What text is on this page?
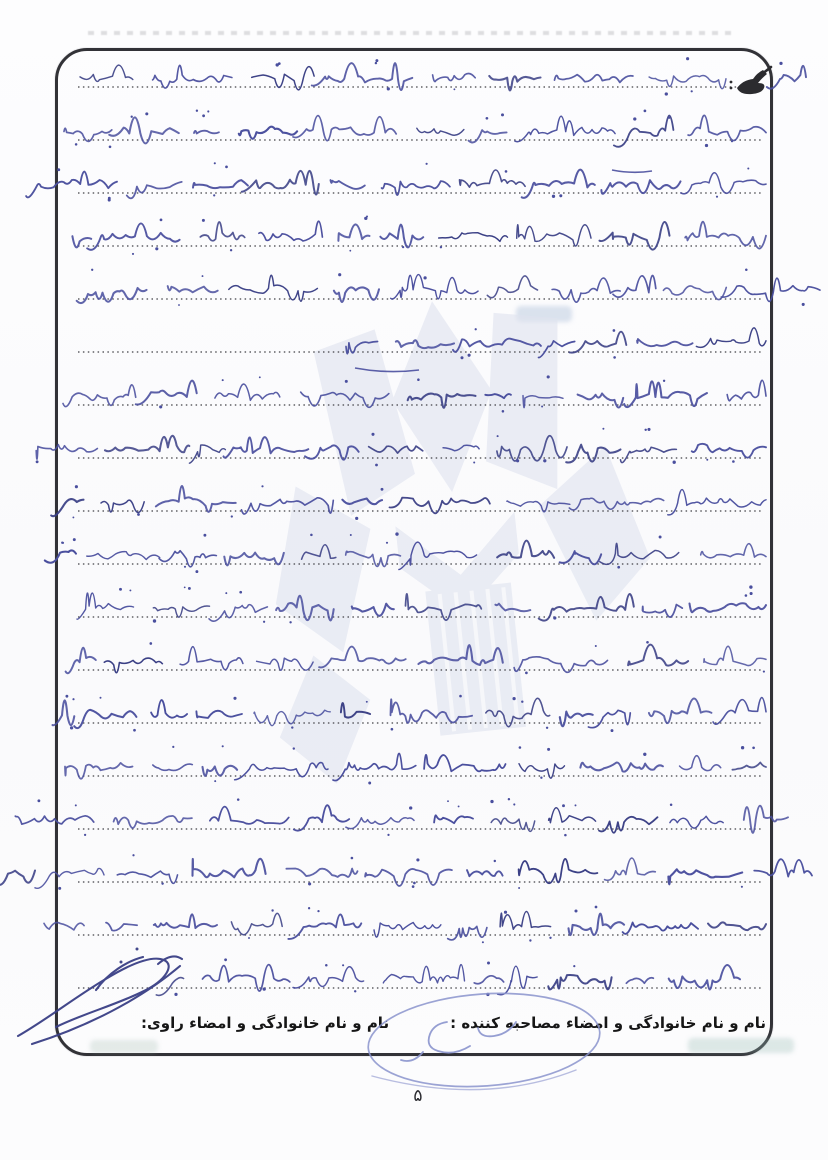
نام و نام خانوادگی و امضاء مصاحبه کننده :
نام و نام خانوادگی و امضاء راوی:
۵
